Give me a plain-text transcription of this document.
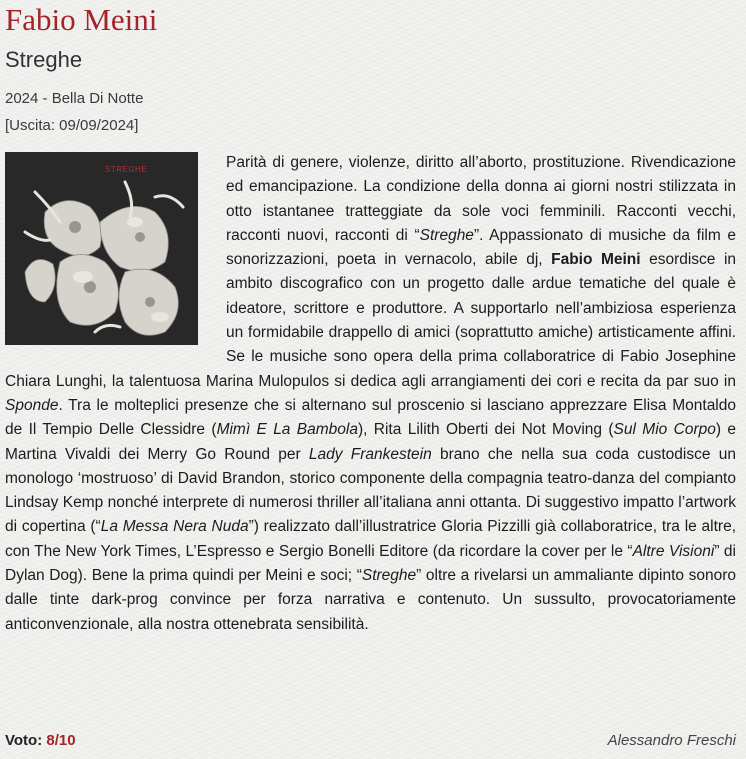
Fabio Meini
Streghe
2024 - Bella Di Notte
[Uscita: 09/09/2024]
STREGHE	Parità di genere, violenze, diritto all’aborto, prostituzione. Rivendicazione ed emancipazione. La condizione della donna ai giorni nostri stilizzata in otto istantanee tratteggiate da sole voci femminili. Racconti vecchi, racconti nuovi, racconti di “Streghe”. Appassionato di musiche da film e sonorizzazioni, poeta in vernacolo, abile dj, Fabio Meini esordisce in ambito discografico con un progetto dalle ardue tematiche del quale è ideatore, scrittore e produttore. A supportarlo nell’ambiziosa esperienza un formidabile drappello di amici (soprattutto amiche) artisticamente affini. Se le musiche sono opera della prima collaboratrice di Fabio Josephine Chiara Lunghi, la talentuosa Marina Mulopulos si dedica agli arrangiamenti dei cori e recita da par suo in Sponde. Tra le molteplici presenze che si alternano sul proscenio si lasciano apprezzare Elisa Montaldo de Il Tempio Delle Clessidre (Mimì E La Bambola), Rita Lilith Oberti dei Not Moving (Sul Mio Corpo) e Martina Vivaldi dei Merry Go Round per Lady Frankestein brano che nella sua coda custodisce un monologo ‘mostruoso’ di David Brandon, storico componente della compagnia teatro-danza del compianto Lindsay Kemp nonché interprete di numerosi thriller all’italiana anni ottanta. Di suggestivo impatto l’artwork di copertina (“La Messa Nera Nuda”) realizzato dall’illustratrice Gloria Pizzilli già collaboratrice, tra le altre, con The New York Times, L’Espresso e Sergio Bonelli Editore (da ricordare la cover per le “Altre Visioni” di Dylan Dog). Bene la prima quindi per Meini e soci; “Streghe” oltre a rivelarsi un ammaliante dipinto sonoro dalle tinte dark-prog convince per forza narrativa e contenuto. Un sussulto, provocatoriamente anticonvenzionale, alla nostra ottenebrata sensibilità.
Voto: 8/10	Alessandro Freschi
